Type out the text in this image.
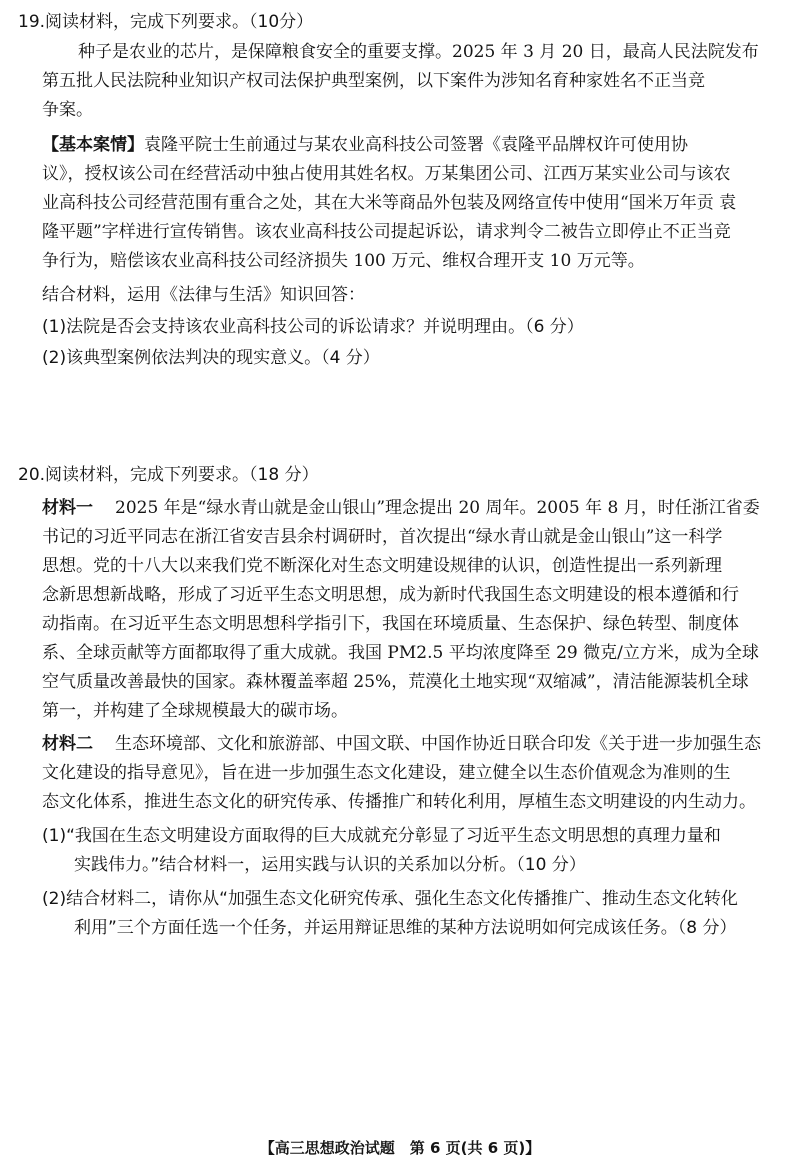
19.阅读材料，完成下列要求。（10分）
种子是农业的芯片，是保障粮食安全的重要支撑。2025 年 3 月 20 日，最高人民法院发布
第五批人民法院种业知识产权司法保护典型案例，以下案件为涉知名育种家姓名不正当竞
争案。
【基本案情】袁隆平院士生前通过与某农业高科技公司签署《袁隆平品牌权许可使用协
议》，授权该公司在经营活动中独占使用其姓名权。万某集团公司、江西万某实业公司与该农
业高科技公司经营范围有重合之处，其在大米等商品外包装及网络宣传中使用“国米万年贡 袁
隆平题”字样进行宣传销售。该农业高科技公司提起诉讼，请求判令二被告立即停止不正当竞
争行为，赔偿该农业高科技公司经济损失 100 万元、维权合理开支 10 万元等。
结合材料，运用《法律与生活》知识回答：
(1)法院是否会支持该农业高科技公司的诉讼请求？并说明理由。（6 分）
(2)该典型案例依法判决的现实意义。（4 分）
20.阅读材料，完成下列要求。（18 分）
材料一 2025 年是“绿水青山就是金山银山”理念提出 20 周年。2005 年 8 月，时任浙江省委
书记的习近平同志在浙江省安吉县余村调研时，首次提出“绿水青山就是金山银山”这一科学
思想。党的十八大以来我们党不断深化对生态文明建设规律的认识，创造性提出一系列新理
念新思想新战略，形成了习近平生态文明思想，成为新时代我国生态文明建设的根本遵循和行
动指南。在习近平生态文明思想科学指引下，我国在环境质量、生态保护、绿色转型、制度体
系、全球贡献等方面都取得了重大成就。我国 PM2.5 平均浓度降至 29 微克/立方米，成为全球
空气质量改善最快的国家。森林覆盖率超 25%，荒漠化土地实现“双缩减”，清洁能源装机全球
第一，并构建了全球规模最大的碳市场。
材料二 生态环境部、文化和旅游部、中国文联、中国作协近日联合印发《关于进一步加强生态
文化建设的指导意见》，旨在进一步加强生态文化建设，建立健全以生态价值观念为准则的生
态文化体系，推进生态文化的研究传承、传播推广和转化利用，厚植生态文明建设的内生动力。
(1)“我国在生态文明建设方面取得的巨大成就充分彰显了习近平生态文明思想的真理力量和
实践伟力。”结合材料一，运用实践与认识的关系加以分析。（10 分）
(2)结合材料二，请你从“加强生态文化研究传承、强化生态文化传播推广、推动生态文化转化
利用”三个方面任选一个任务，并运用辩证思维的某种方法说明如何完成该任务。（8 分）
【高三思想政治试题　第 6 页(共 6 页)】
